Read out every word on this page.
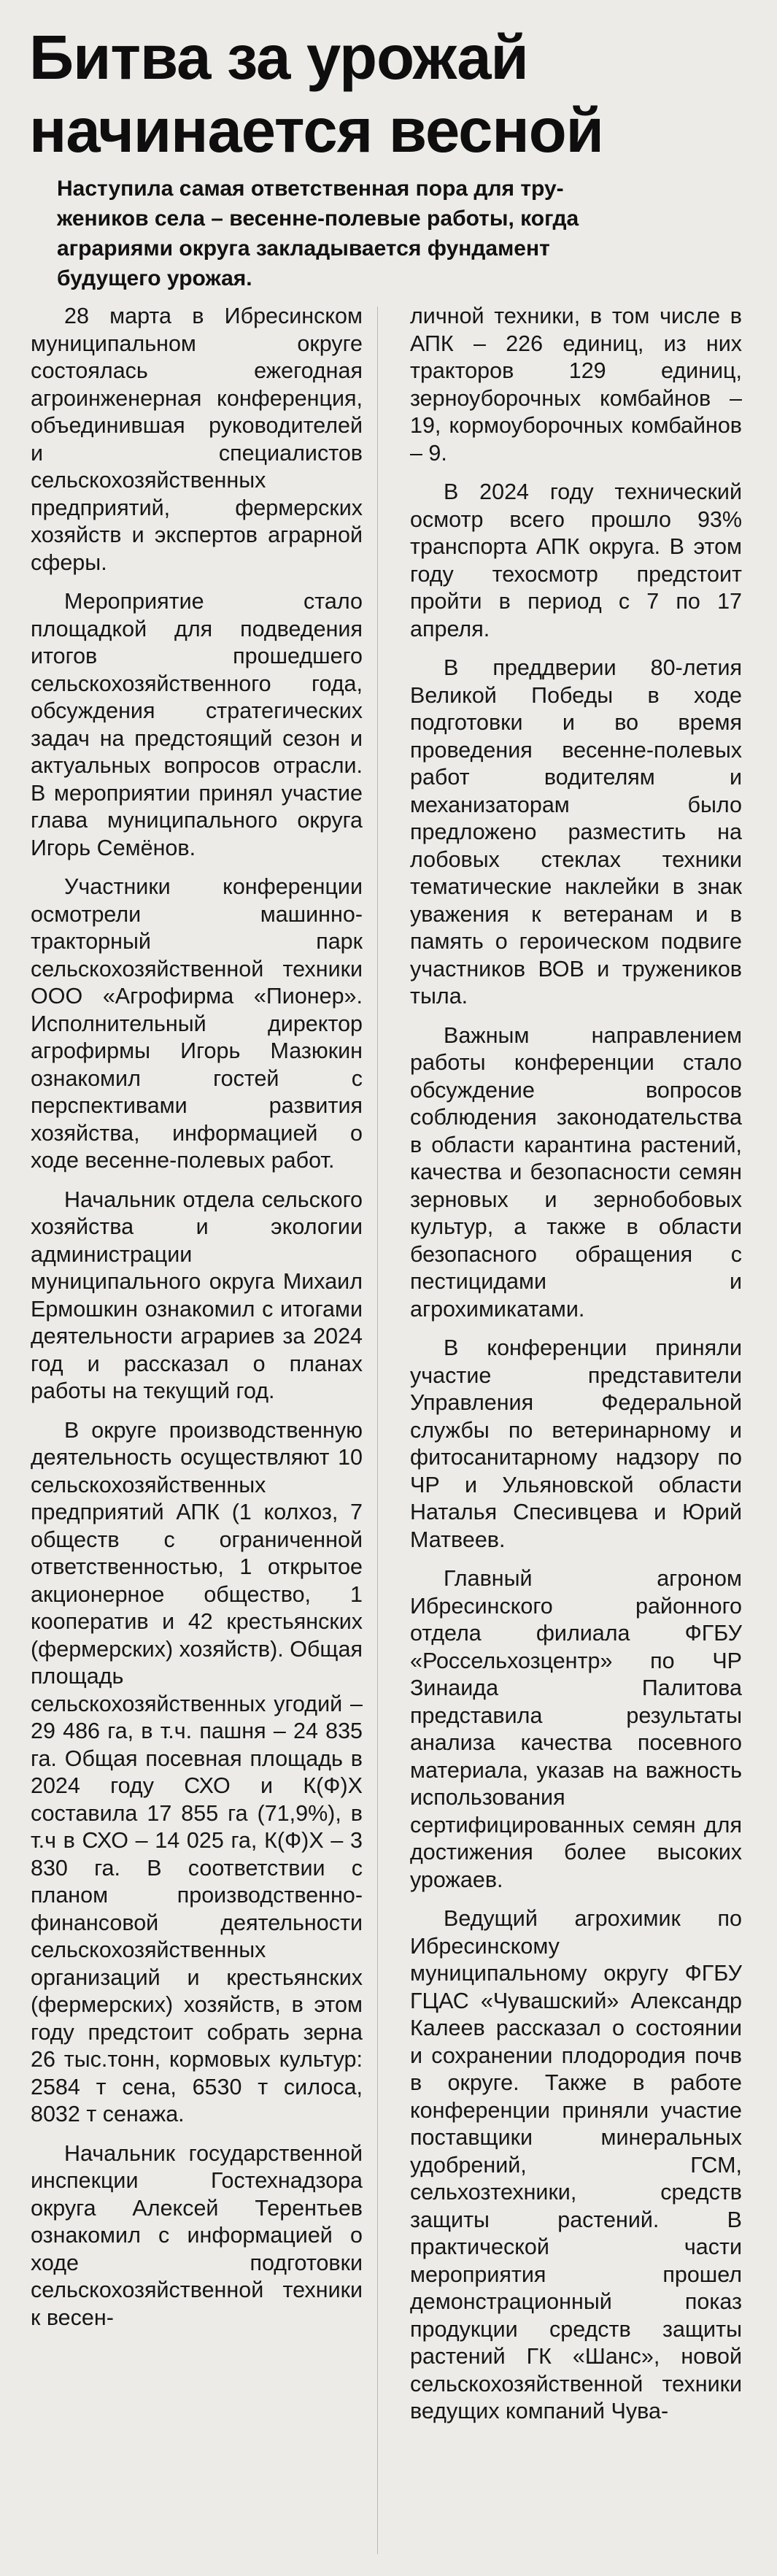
Битва за урожай
начинается весной
Наступила самая ответственная пора для тру-
жеников села – весенне-полевые работы, когда
аграриями округа закладывается фундамент
будущего урожая.

28 марта в Ибресинском муниципальном округе состоялась ежегодная агроинженерная конференция, объединившая руководителей и специалистов сельскохозяйственных предприятий, фермерских хозяйств и экспертов аграрной сферы.

Мероприятие стало площадкой для подведения итогов прошедшего сельскохозяйственного года, обсуждения стратегических задач на предстоящий сезон и актуальных вопросов отрасли. В мероприятии принял участие глава муниципального округа Игорь Семёнов.

Участники конференции осмотрели машинно-тракторный парк сельскохозяйственной техники ООО «Агрофирма «Пионер». Исполнительный директор агрофирмы Игорь Мазюкин ознакомил гостей с перспективами развития хозяйства, информацией о ходе весенне-полевых работ.

Начальник отдела сельского хозяйства и экологии администрации муниципального округа Михаил Ермошкин ознакомил с итогами деятельности аграриев за 2024 год и рассказал о планах работы на текущий год.

В округе производственную деятельность осуществляют 10 сельскохозяйственных предприятий АПК (1 колхоз, 7 обществ с ограниченной ответственностью, 1 открытое акционерное общество, 1 кооператив и 42 крестьянских (фермерских) хозяйств). Общая площадь сельскохозяйственных угодий – 29 486 га, в т.ч. пашня – 24 835 га. Общая посевная площадь в 2024 году СХО и К(Ф)Х составила 17 855 га (71,9%), в т.ч в СХО – 14 025 га, К(Ф)Х – 3 830 га. В соответствии с планом производственно-финансовой деятельности сельскохозяйственных организаций и крестьянских (фермерских) хозяйств, в этом году предстоит собрать зерна 26 тыс.тонн, кормовых культур: 2584 т сена, 6530 т силоса, 8032 т сенажа.

Начальник государственной инспекции Гостехнадзора округа Алексей Терентьев ознакомил с информацией о ходе подготовки сельскохозяйственной техники к весен-

личной техники, в том числе в АПК – 226 единиц, из них тракторов 129 единиц, зерноуборочных комбайнов – 19, кормоуборочных комбайнов – 9.

В 2024 году технический осмотр всего прошло 93% транспорта АПК округа. В этом году техосмотр предстоит пройти в период с 7 по 17 апреля.

В преддверии 80-летия Великой Победы в ходе подготовки и во время проведения весенне-полевых работ водителям и механизаторам было предложено разместить на лобовых стеклах техники тематические наклейки в знак уважения к ветеранам и в память о героическом подвиге участников ВОВ и тружеников тыла.

Важным направлением работы конференции стало обсуждение вопросов соблюдения законодательства в области карантина растений, качества и безопасности семян зерновых и зернобобовых культур, а также в области безопасного обращения с пестицидами и агрохимикатами.

В конференции приняли участие представители Управления Федеральной службы по ветеринарному и фитосанитарному надзору по ЧР и Ульяновской области Наталья Спесивцева и Юрий Матвеев.

Главный агроном Ибресинского районного отдела филиала ФГБУ «Россельхозцентр» по ЧР Зинаида Палитова представила результаты анализа качества посевного материала, указав на важность использования сертифицированных семян для достижения более высоких урожаев.

Ведущий агрохимик по Ибресинскому муниципальному округу ФГБУ ГЦАС «Чувашский» Александр Калеев рассказал о состоянии и сохранении плодородия почв в округе. Также в работе конференции приняли участие поставщики минеральных удобрений, ГСМ, сельхозтехники, средств защиты растений. В практической части мероприятия прошел демонстрационный показ продукции средств защиты растений ГК «Шанс», новой сельскохозяйственной техники ведущих компаний Чува-
